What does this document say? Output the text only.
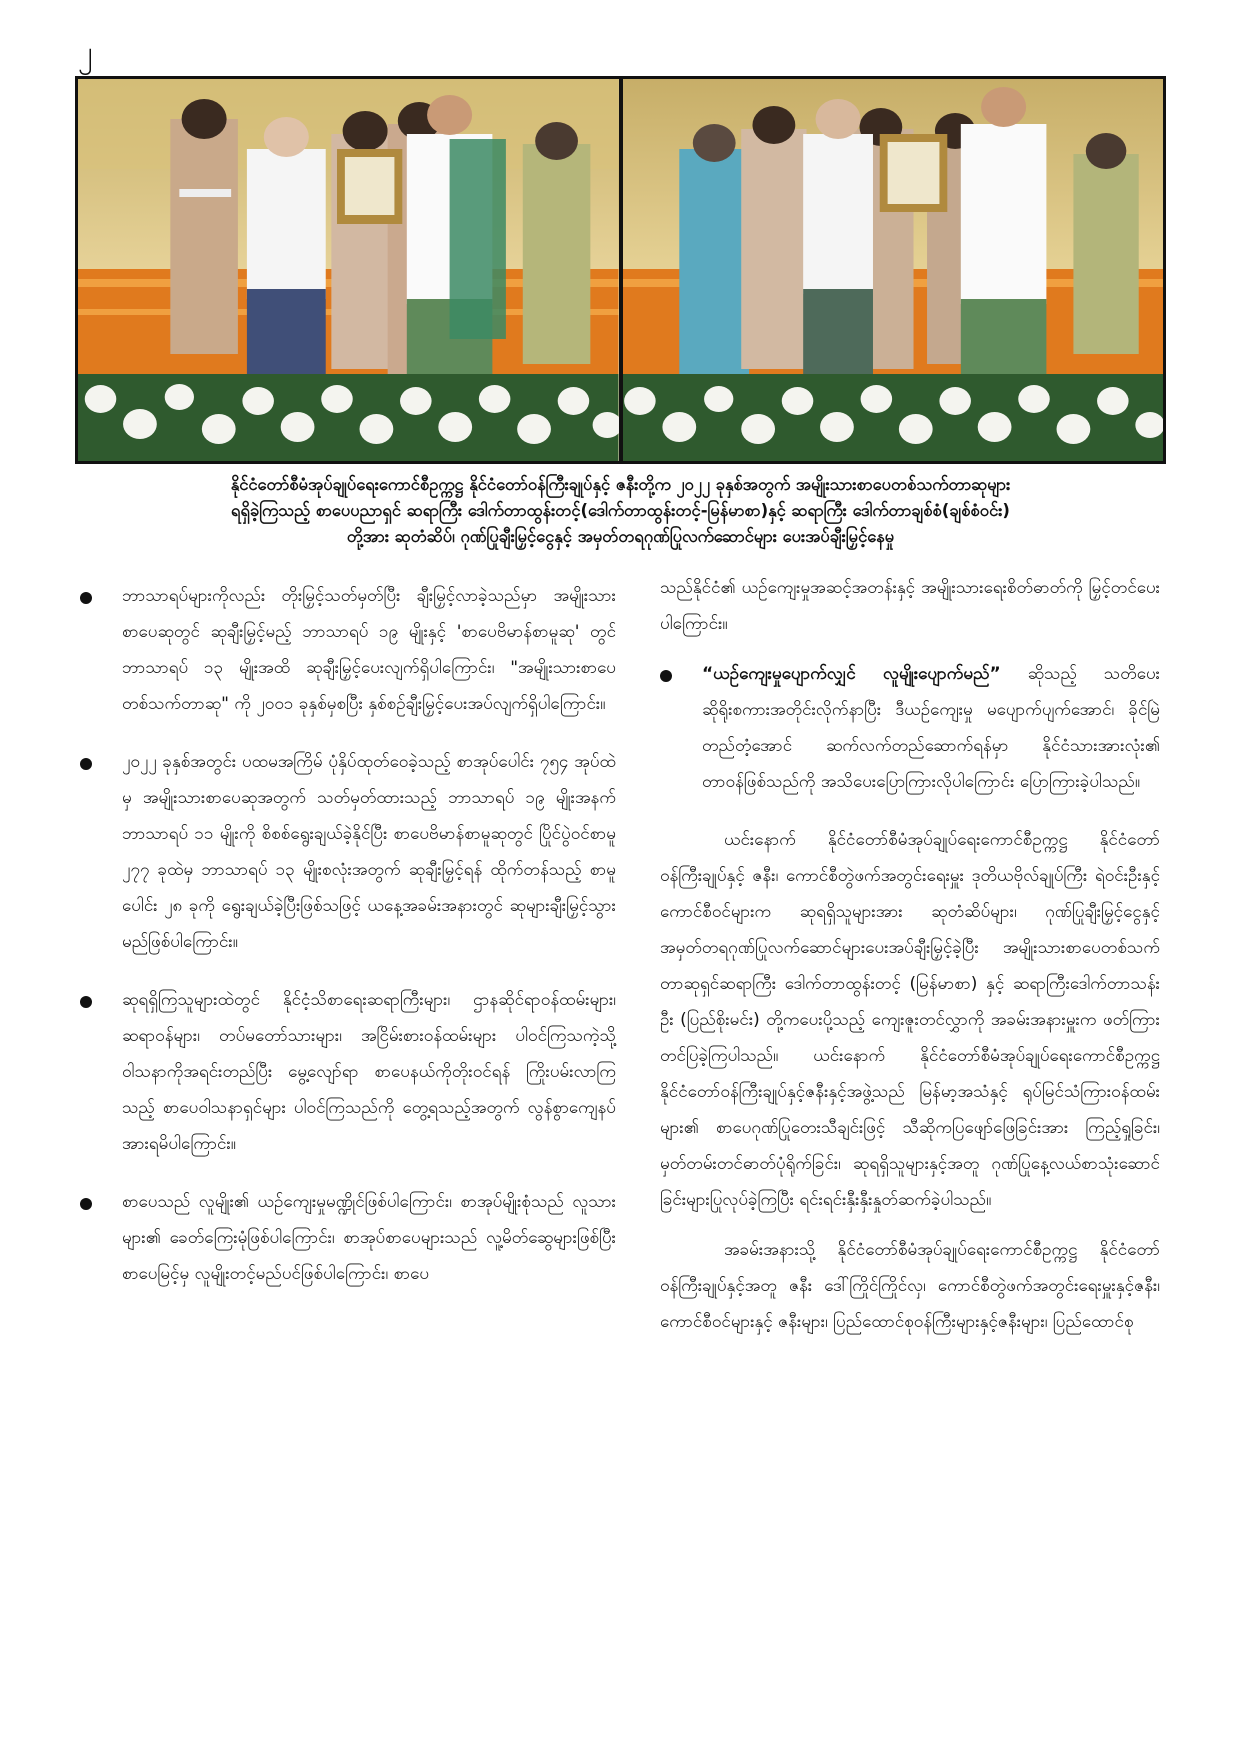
၂
နိုင်ငံတော်စီမံအုပ်ချုပ်ရေးကောင်စီဥက္ကဋ္ဌ နိုင်ငံတော်ဝန်ကြီးချုပ်နှင့် ဇနီးတို့က ၂၀၂၂ ခုနှစ်အတွက် အမျိုးသားစာပေတစ်သက်တာဆုများ
ရရှိခဲ့ကြသည့် စာပေပညာရှင် ဆရာကြီး ဒေါက်တာထွန်းတင့်(ဒေါက်တာထွန်းတင့်-မြန်မာစာ)နှင့် ဆရာကြီး ဒေါက်တာချစ်စံ(ချစ်စံဝင်း)
တို့အား ဆုတံဆိပ်၊ ဂုဏ်ပြုချီးမြှင့်ငွေနှင့် အမှတ်တရဂုဏ်ပြုလက်ဆောင်များ ပေးအပ်ချီးမြှင့်နေမှု
ဘာသာရပ်များကိုလည်း တိုးမြှင့်သတ်မှတ်ပြီး ချီးမြှင့်လာခဲ့သည်မှာ အမျိုးသားစာပေဆုတွင် ဆုချီးမြှင့်မည့် ဘာသာရပ် ၁၉ မျိုးနှင့် 'စာပေဗိမာန်စာမူဆု' တွင် ဘာသာရပ် ၁၃ မျိုးအထိ ဆုချီးမြှင့်ပေးလျက်ရှိပါကြောင်း၊ "အမျိုးသားစာပေတစ်သက်တာဆု" ကို ၂၀၀၁ ခုနှစ်မှစပြီး နှစ်စဉ်ချီးမြှင့်ပေးအပ်လျက်ရှိပါကြောင်း။
၂၀၂၂ ခုနှစ်အတွင်း ပထမအကြိမ် ပုံနှိပ်ထုတ်ဝေခဲ့သည့် စာအုပ်ပေါင်း ၇၅၄ အုပ်ထဲမှ အမျိုးသားစာပေဆုအတွက် သတ်မှတ်ထားသည့် ဘာသာရပ် ၁၉ မျိုးအနက် ဘာသာရပ် ၁၁ မျိုးကို စိစစ်ရွေးချယ်ခဲ့နိုင်ပြီး စာပေဗိမာန်စာမူဆုတွင် ပြိုင်ပွဲဝင်စာမူ ၂၇၇ ခုထဲမှ ဘာသာရပ် ၁၃ မျိုးစလုံးအတွက် ဆုချီးမြှင့်ရန် ထိုက်တန်သည့် စာမူပေါင်း ၂၈ ခုကို ရွေးချယ်ခဲ့ပြီးဖြစ်သဖြင့် ယနေ့အခမ်းအနားတွင် ဆုများချီးမြှင့်သွားမည်ဖြစ်ပါကြောင်း။
ဆုရရှိကြသူများထဲတွင် နိုင်ငံ့သိစာရေးဆရာကြီးများ၊ ဌာနဆိုင်ရာဝန်ထမ်းများ၊ ဆရာဝန်များ၊ တပ်မတော်သားများ၊ အငြိမ်းစားဝန်ထမ်းများ ပါဝင်ကြသကဲ့သို့ ဝါသနာကိုအရင်းတည်ပြီး မွေ့လျော်ရာ စာပေနယ်ကိုတိုးဝင်ရန် ကြိုးပမ်းလာကြသည့် စာပေဝါသနာရှင်များ ပါဝင်ကြသည်ကို တွေ့ရသည့်အတွက် လွန်စွာကျေနပ်အားရမိပါကြောင်း။
စာပေသည် လူမျိုး၏ ယဉ်ကျေးမှုမဏ္ဍိုင်ဖြစ်ပါကြောင်း၊ စာအုပ်မျိုးစုံသည် လူသားများ၏ ခေတ်ကြေးမုံဖြစ်ပါကြောင်း၊ စာအုပ်စာပေများသည် လူ့မိတ်ဆွေများဖြစ်ပြီးစာပေမြင့်မှ လူမျိုးတင့်မည်ပင်ဖြစ်ပါကြောင်း၊ စာပေ

သည်နိုင်ငံ၏ ယဉ်ကျေးမှုအဆင့်အတန်းနှင့် အမျိုးသားရေးစိတ်ဓာတ်ကို မြှင့်တင်ပေးပါကြောင်း။

“ယဉ်ကျေးမှုပျောက်လျှင် လူမျိုးပျောက်မည်” ဆိုသည့် သတိပေးဆိုရိုးစကားအတိုင်းလိုက်နာပြီး ဒီယဉ်ကျေးမှု မပျောက်ပျက်အောင်၊ ခိုင်မြဲတည်တံ့အောင် ဆက်လက်တည်ဆောက်ရန်မှာ နိုင်ငံသားအားလုံး၏ တာဝန်ဖြစ်သည်ကို အသိပေးပြောကြားလိုပါကြောင်း ပြောကြားခဲ့ပါသည်။

ယင်းနောက် နိုင်ငံတော်စီမံအုပ်ချုပ်ရေးကောင်စီဥက္ကဋ္ဌ နိုင်ငံတော်ဝန်ကြီးချုပ်နှင့် ဇနီး၊ ကောင်စီတွဲဖက်အတွင်းရေးမှူး ဒုတိယဗိုလ်ချုပ်ကြီး ရဲဝင်းဦးနှင့် ကောင်စီဝင်များက ဆုရရှိသူများအား ဆုတံဆိပ်များ၊ ဂုဏ်ပြုချီးမြှင့်ငွေနှင့် အမှတ်တရဂုဏ်ပြုလက်ဆောင်များပေးအပ်ချီးမြှင့်ခဲ့ပြီး အမျိုးသားစာပေတစ်သက်တာဆုရှင်ဆရာကြီး ဒေါက်တာထွန်းတင့် (မြန်မာစာ) နှင့် ဆရာကြီးဒေါက်တာသန်းဦး (ပြည်စိုးမင်း) တို့ကပေးပို့သည့် ကျေးဇူးတင်လွှာကို အခမ်းအနားမှူးက ဖတ်ကြားတင်ပြခဲ့ကြပါသည်။ ယင်းနောက် နိုင်ငံတော်စီမံအုပ်ချုပ်ရေးကောင်စီဥက္ကဋ္ဌ နိုင်ငံတော်ဝန်ကြီးချုပ်နှင့်ဇနီးနှင့်အဖွဲ့သည် မြန်မာ့အသံနှင့် ရုပ်မြင်သံကြားဝန်ထမ်းများ၏ စာပေဂုဏ်ပြုတေးသီချင်းဖြင့် သီဆိုကပြဖျော်ဖြေခြင်းအား ကြည့်ရှုခြင်း၊ မှတ်တမ်းတင်ဓာတ်ပုံရိုက်ခြင်း၊ ဆုရရှိသူများနှင့်အတူ ဂုဏ်ပြုနေ့လယ်စာသုံးဆောင်ခြင်းများပြုလုပ်ခဲ့ကြပြီး ရင်းရင်းနှီးနှီးနှုတ်ဆက်ခဲ့ပါသည်။

အခမ်းအနားသို့ နိုင်ငံတော်စီမံအုပ်ချုပ်ရေးကောင်စီဥက္ကဋ္ဌ နိုင်ငံတော်ဝန်ကြီးချုပ်နှင့်အတူ ဇနီး ဒေါ်ကြိုင်ကြိုင်လှ၊ ကောင်စီတွဲဖက်အတွင်းရေးမှူးနှင့်ဇနီး၊ ကောင်စီဝင်များနှင့် ဇနီးများ၊ ပြည်ထောင်စုဝန်ကြီးများနှင့်ဇနီးများ၊ ပြည်ထောင်စု
